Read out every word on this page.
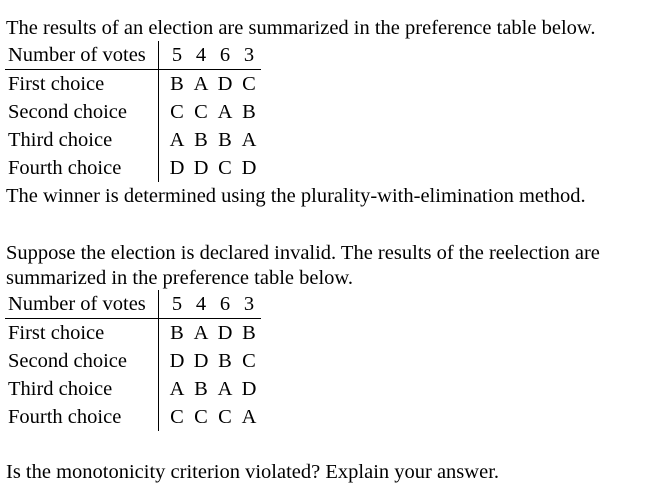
The results of an election are summarized in the preference table below.
Number of votes	5	4	6	3
First choice	B	A	D	C
Second choice	C	C	A	B
Third choice	A	B	B	A
Fourth choice	D	D	C	D
The winner is determined using the plurality-with-elimination method.
Suppose the election is declared invalid. The results of the reelection are
summarized in the preference table below.
Number of votes	5	4	6	3
First choice	B	A	D	B
Second choice	D	D	B	C
Third choice	A	B	A	D
Fourth choice	C	C	C	A
Is the monotonicity criterion violated? Explain your answer.
